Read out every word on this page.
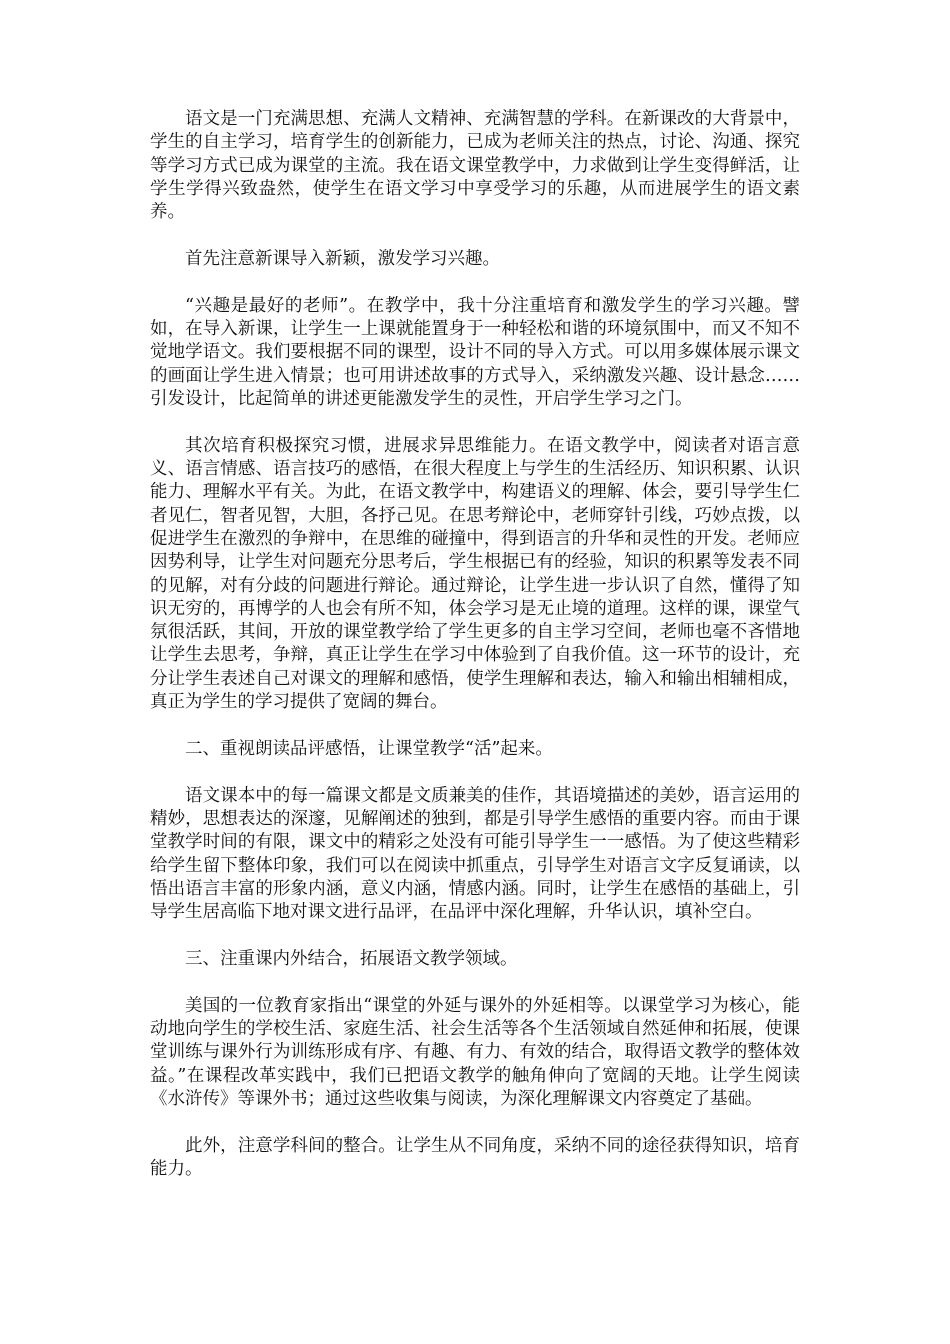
语文是一门充满思想、充满人文精神、充满智慧的学科。在新课改的大背景中，学生的自主学习，培育学生的创新能力，已成为老师关注的热点，讨论、沟通、探究等学习方式已成为课堂的主流。我在语文课堂教学中，力求做到让学生变得鲜活，让学生学得兴致盎然，使学生在语文学习中享受学习的乐趣，从而进展学生的语文素养。

首先注意新课导入新颖，激发学习兴趣。

“兴趣是最好的老师”。在教学中，我十分注重培育和激发学生的学习兴趣。譬如，在导入新课，让学生一上课就能置身于一种轻松和谐的环境氛围中，而又不知不觉地学语文。我们要根据不同的课型，设计不同的导入方式。可以用多媒体展示课文的画面让学生进入情景；也可用讲述故事的方式导入，采纳激发兴趣、设计悬念……引发设计，比起简单的讲述更能激发学生的灵性，开启学生学习之门。

其次培育积极探究习惯，进展求异思维能力。在语文教学中，阅读者对语言意义、语言情感、语言技巧的感悟，在很大程度上与学生的生活经历、知识积累、认识能力、理解水平有关。为此，在语文教学中，构建语义的理解、体会，要引导学生仁者见仁，智者见智，大胆，各抒己见。在思考辩论中，老师穿针引线，巧妙点拨，以促进学生在激烈的争辩中，在思维的碰撞中，得到语言的升华和灵性的开发。老师应因势利导，让学生对问题充分思考后，学生根据已有的经验，知识的积累等发表不同的见解，对有分歧的问题进行辩论。通过辩论，让学生进一步认识了自然，懂得了知识无穷的，再博学的人也会有所不知，体会学习是无止境的道理。这样的课，课堂气氛很活跃，其间，开放的课堂教学给了学生更多的自主学习空间，老师也毫不吝惜地让学生去思考，争辩，真正让学生在学习中体验到了自我价值。这一环节的设计，充分让学生表述自己对课文的理解和感悟，使学生理解和表达，输入和输出相辅相成，真正为学生的学习提供了宽阔的舞台。

二、重视朗读品评感悟，让课堂教学“活”起来。

语文课本中的每一篇课文都是文质兼美的佳作，其语境描述的美妙，语言运用的精妙，思想表达的深邃，见解阐述的独到，都是引导学生感悟的重要内容。而由于课堂教学时间的有限，课文中的精彩之处没有可能引导学生一一感悟。为了使这些精彩给学生留下整体印象，我们可以在阅读中抓重点，引导学生对语言文字反复诵读，以悟出语言丰富的形象内涵，意义内涵，情感内涵。同时，让学生在感悟的基础上，引导学生居高临下地对课文进行品评，在品评中深化理解，升华认识，填补空白。

三、注重课内外结合，拓展语文教学领域。

美国的一位教育家指出“课堂的外延与课外的外延相等。以课堂学习为核心，能动地向学生的学校生活、家庭生活、社会生活等各个生活领域自然延伸和拓展，使课堂训练与课外行为训练形成有序、有趣、有力、有效的结合，取得语文教学的整体效益。”在课程改革实践中，我们已把语文教学的触角伸向了宽阔的天地。让学生阅读《水浒传》等课外书；通过这些收集与阅读，为深化理解课文内容奠定了基础。

此外，注意学科间的整合。让学生从不同角度，采纳不同的途径获得知识，培育能力。
